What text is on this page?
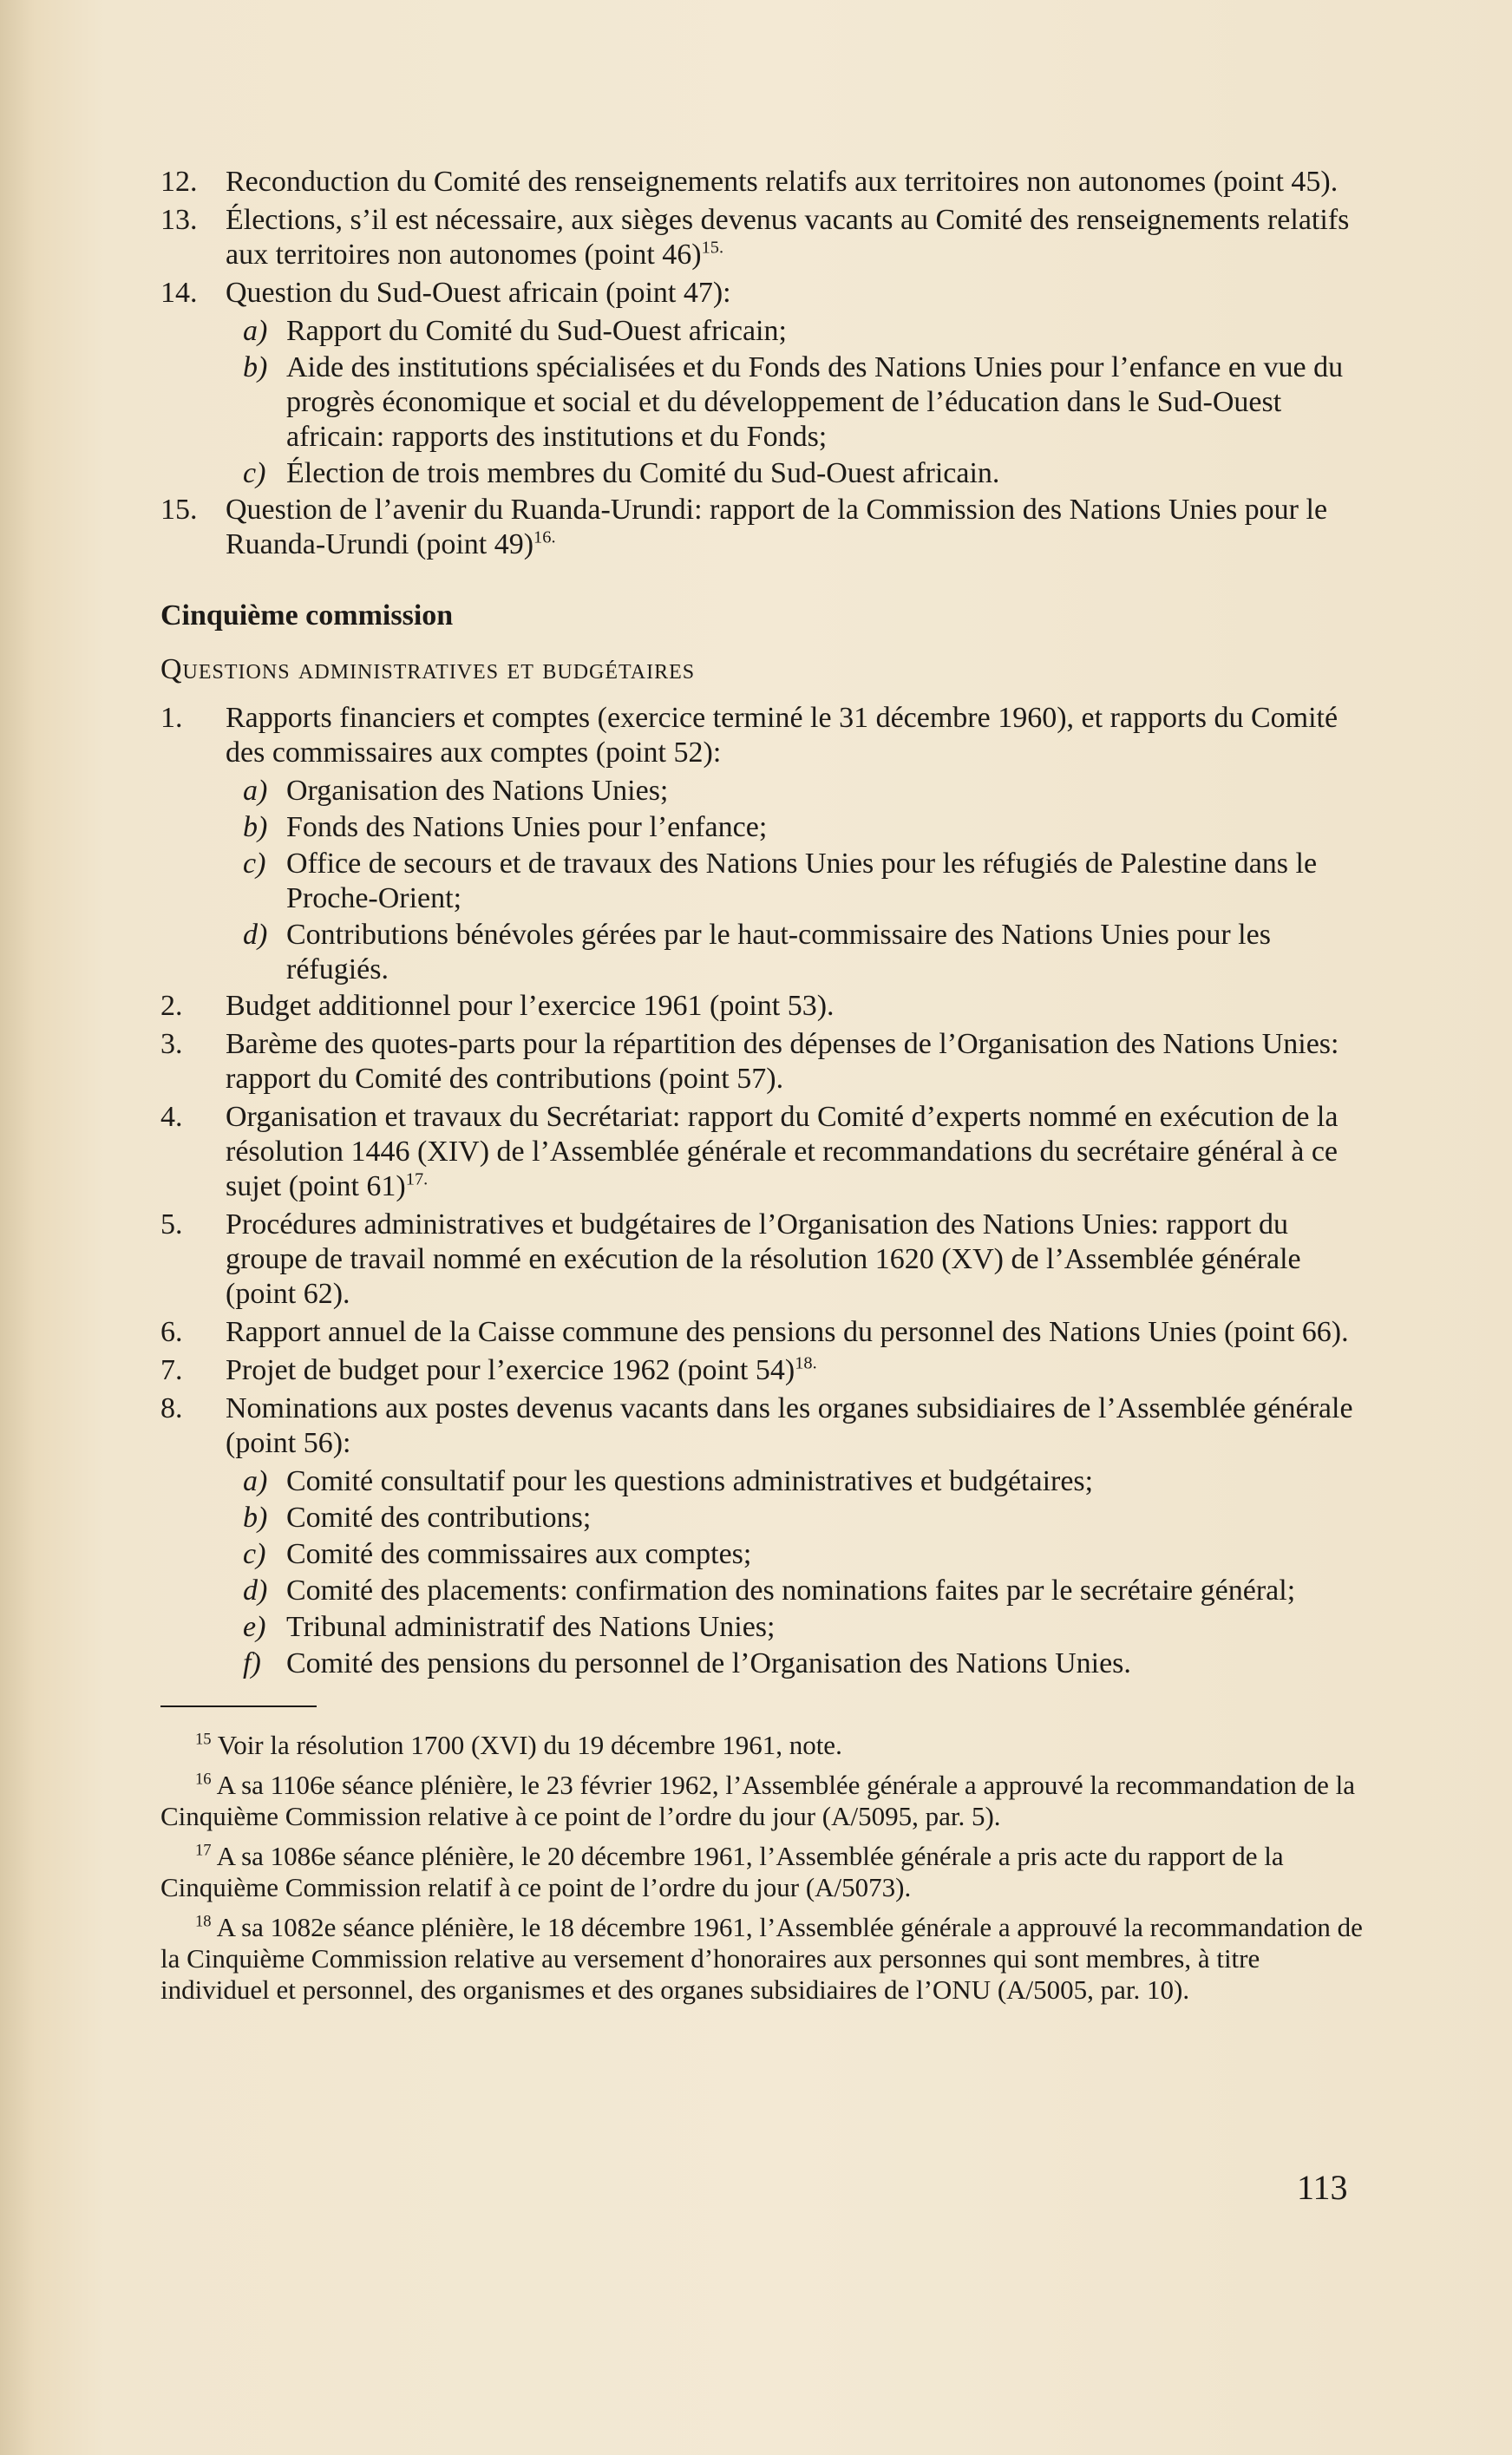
12. Reconduction du Comité des renseignements relatifs aux territoires non autonomes (point 45).
13. Élections, s’il est nécessaire, aux sièges devenus vacants au Comité des renseignements relatifs aux territoires non autonomes (point 46)$^{15.}$
14. Question du Sud-Ouest africain (point 47):
a) Rapport du Comité du Sud-Ouest africain;
b) Aide des institutions spécialisées et du Fonds des Nations Unies pour l’enfance en vue du progrès économique et social et du développement de l’éducation dans le Sud-Ouest africain: rapports des institutions et du Fonds;
c) Élection de trois membres du Comité du Sud-Ouest africain.
15. Question de l’avenir du Ruanda-Urundi: rapport de la Commission des Nations Unies pour le Ruanda-Urundi (point 49)$^{16.}$
Cinquième commission
Questions administratives et budgétaires
1. Rapports financiers et comptes (exercice terminé le 31 décembre 1960), et rapports du Comité des commissaires aux comptes (point 52):
a) Organisation des Nations Unies;
b) Fonds des Nations Unies pour l’enfance;
c) Office de secours et de travaux des Nations Unies pour les réfugiés de Palestine dans le Proche-Orient;
d) Contributions bénévoles gérées par le haut-commissaire des Nations Unies pour les réfugiés.
2. Budget additionnel pour l’exercice 1961 (point 53).
3. Barème des quotes-parts pour la répartition des dépenses de l’Organisation des Nations Unies: rapport du Comité des contributions (point 57).
4. Organisation et travaux du Secrétariat: rapport du Comité d’experts nommé en exécution de la résolution 1446 (XIV) de l’Assemblée générale et recommandations du secrétaire général à ce sujet (point 61)$^{17.}$
5. Procédures administratives et budgétaires de l’Organisation des Nations Unies: rapport du groupe de travail nommé en exécution de la résolution 1620 (XV) de l’Assemblée générale (point 62).
6. Rapport annuel de la Caisse commune des pensions du personnel des Nations Unies (point 66).
7. Projet de budget pour l’exercice 1962 (point 54)$^{18.}$
8. Nominations aux postes devenus vacants dans les organes subsidiaires de l’Assemblée générale (point 56):
a) Comité consultatif pour les questions administratives et budgétaires;
b) Comité des contributions;
c) Comité des commissaires aux comptes;
d) Comité des placements: confirmation des nominations faites par le secrétaire général;
e) Tribunal administratif des Nations Unies;
f) Comité des pensions du personnel de l’Organisation des Nations Unies.
$^{15}$ Voir la résolution 1700 (XVI) du 19 décembre 1961, note.
$^{16}$ A sa 1106e séance plénière, le 23 février 1962, l’Assemblée générale a approuvé la recommandation de la Cinquième Commission relative à ce point de l’ordre du jour (A/5095, par. 5).
$^{17}$ A sa 1086e séance plénière, le 20 décembre 1961, l’Assemblée générale a pris acte du rapport de la Cinquième Commission relatif à ce point de l’ordre du jour (A/5073).
$^{18}$ A sa 1082e séance plénière, le 18 décembre 1961, l’Assemblée générale a approuvé la recommandation de la Cinquième Commission relative au versement d’honoraires aux personnes qui sont membres, à titre individuel et personnel, des organismes et des organes subsidiaires de l’ONU (A/5005, par. 10).
113
